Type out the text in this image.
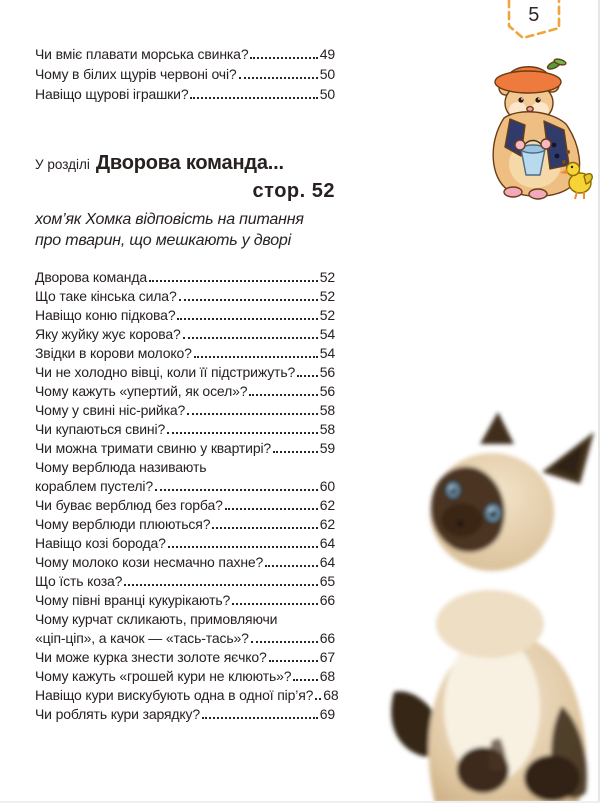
5
Чи вміє плавати морська свинка?	49
Чому в білих щурів червоні очі?	50
Навіщо щурові іграшки?	50
У розділі Дворова команда...
стор. 52
хом’як Хомка відповість на питання
про тварин, що мешкають у дворі
Дворова команда	52
Що таке кінська сила?	52
Навіщо коню підкова?	52
Яку жуйку жує корова?	54
Звідки в корови молоко?	54
Чи не холодно вівці, коли її підстрижуть? 56
Чому кажуть «упертий, як осел»?	56
Чому у свині ніс-рийка?	58
Чи купаються свині?	58
Чи можна тримати свиню у квартирі?	59
Чому верблюда називають
кораблем пустелі?	60
Чи буває верблюд без горба?	62
Чому верблюди плюються?	62
Навіщо козі борода?	64
Чому молоко кози несмачно пахне?	64
Що їсть коза?	65
Чому півні вранці кукурікають?	66
Чому курчат скликають, примовляючи
«ціп-ціп», а качок — «тась-тась»?	66
Чи може курка знести золоте яєчко?	67
Чому кажуть «грошей кури не клюють»? 68
Навіщо кури вискубують одна в одної пір’я? 68
Чи роблять кури зарядку?	69
